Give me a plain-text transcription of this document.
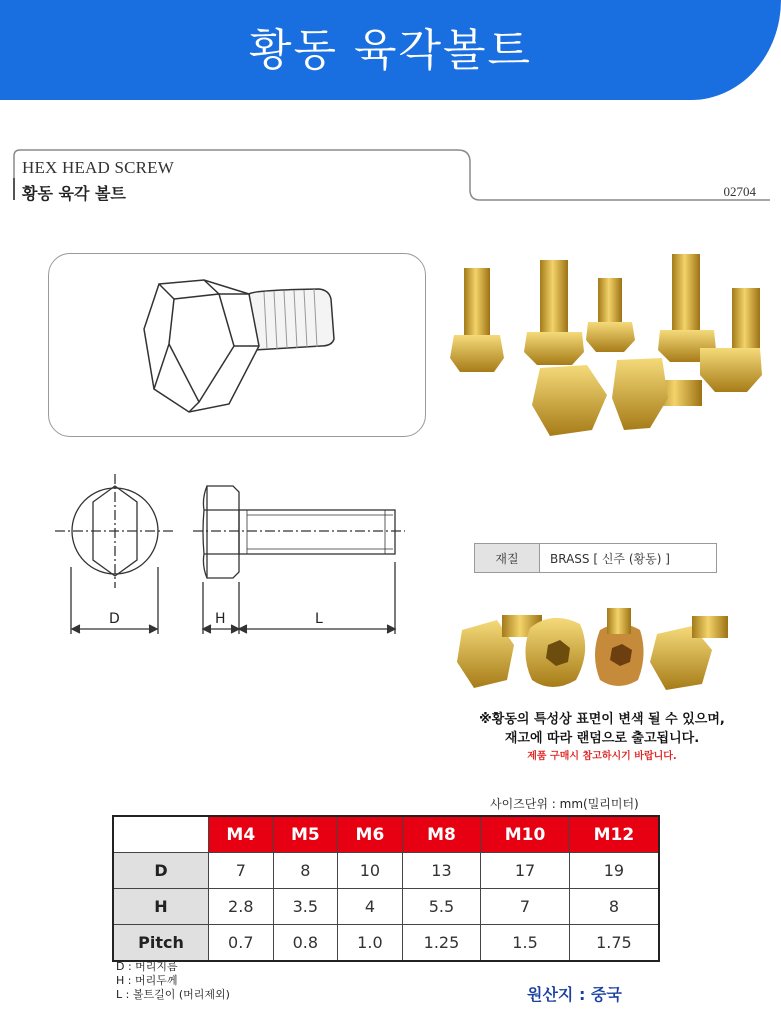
황동 육각볼트
HEX HEAD SCREW
황동 육각 볼트	02704
D	H	L
재질	BRASS [ 신주 (황동) ]
※황동의 특성상 표면이 변색 될 수 있으며,
재고에 따라 랜덤으로 출고됩니다.
제품 구매시 참고하시기 바랍니다.
사이즈단위 : mm(밀리미터)
	M4	M5	M6	M8	M10	M12
D	7	8	10	13	17	19
H	2.8	3.5	4	5.5	7	8
Pitch	0.7	0.8	1.0	1.25	1.5	1.75
D : 머리지름
H : 머리두께
L : 볼트길이 (머리제외)	원산지 : 중국
